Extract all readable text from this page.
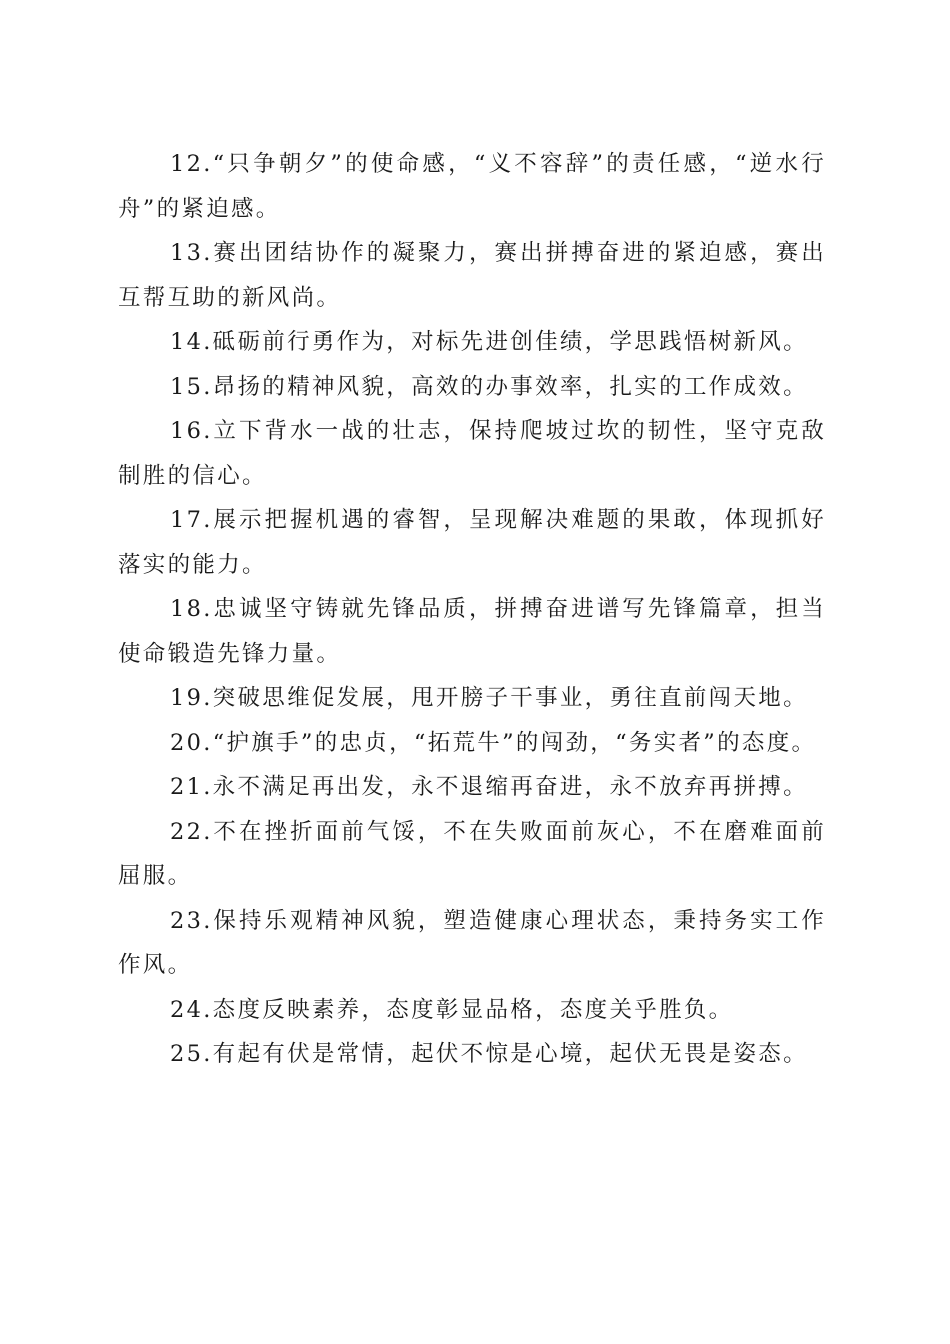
12.“只争朝夕”的使命感，“义不容辞”的责任感，“逆水行舟”的紧迫感。

13.赛出团结协作的凝聚力，赛出拼搏奋进的紧迫感，赛出互帮互助的新风尚。

14.砥砺前行勇作为，对标先进创佳绩，学思践悟树新风。

15.昂扬的精神风貌，高效的办事效率，扎实的工作成效。

16.立下背水一战的壮志，保持爬坡过坎的韧性，坚守克敌制胜的信心。

17.展示把握机遇的睿智，呈现解决难题的果敢，体现抓好落实的能力。

18.忠诚坚守铸就先锋品质，拼搏奋进谱写先锋篇章，担当使命锻造先锋力量。

19.突破思维促发展，甩开膀子干事业，勇往直前闯天地。

20.“护旗手”的忠贞，“拓荒牛”的闯劲，“务实者”的态度。

21.永不满足再出发，永不退缩再奋进，永不放弃再拼搏。

22.不在挫折面前气馁，不在失败面前灰心，不在磨难面前屈服。

23.保持乐观精神风貌，塑造健康心理状态，秉持务实工作作风。

24.态度反映素养，态度彰显品格，态度关乎胜负。

25.有起有伏是常情，起伏不惊是心境，起伏无畏是姿态。
